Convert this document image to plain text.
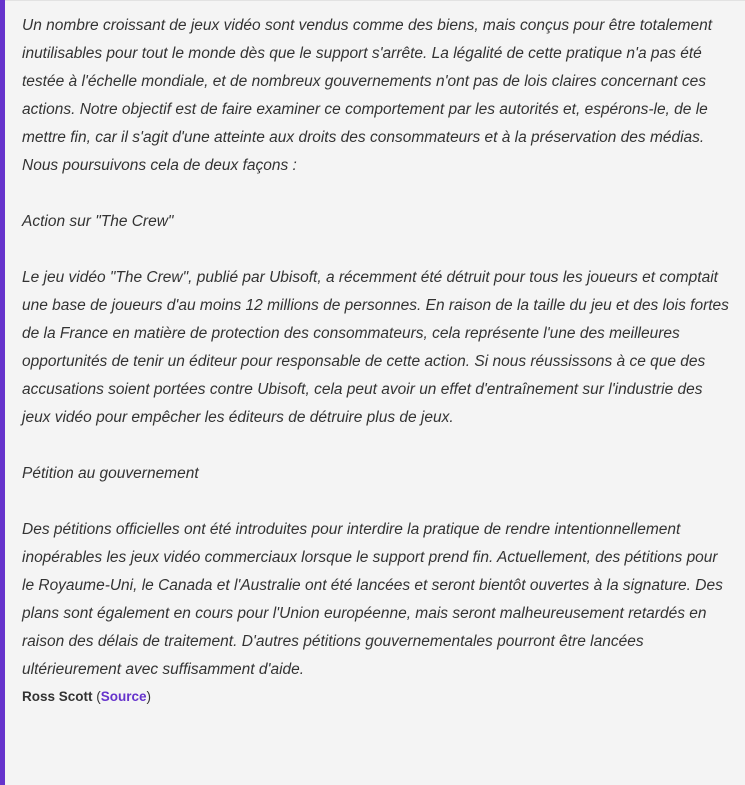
Un nombre croissant de jeux vidéo sont vendus comme des biens, mais conçus pour être totalement inutilisables pour tout le monde dès que le support s'arrête. La légalité de cette pratique n'a pas été testée à l'échelle mondiale, et de nombreux gouvernements n'ont pas de lois claires concernant ces actions. Notre objectif est de faire examiner ce comportement par les autorités et, espérons-le, de le mettre fin, car il s'agit d'une atteinte aux droits des consommateurs et à la préservation des médias. Nous poursuivons cela de deux façons :

Action sur "The Crew"

Le jeu vidéo "The Crew", publié par Ubisoft, a récemment été détruit pour tous les joueurs et comptait une base de joueurs d'au moins 12 millions de personnes. En raison de la taille du jeu et des lois fortes de la France en matière de protection des consommateurs, cela représente l'une des meilleures opportunités de tenir un éditeur pour responsable de cette action. Si nous réussissons à ce que des accusations soient portées contre Ubisoft, cela peut avoir un effet d'entraînement sur l'industrie des jeux vidéo pour empêcher les éditeurs de détruire plus de jeux.

Pétition au gouvernement

Des pétitions officielles ont été introduites pour interdire la pratique de rendre intentionnellement inopérables les jeux vidéo commerciaux lorsque le support prend fin. Actuellement, des pétitions pour le Royaume-Uni, le Canada et l'Australie ont été lancées et seront bientôt ouvertes à la signature. Des plans sont également en cours pour l'Union européenne, mais seront malheureusement retardés en raison des délais de traitement. D'autres pétitions gouvernementales pourront être lancées ultérieurement avec suffisamment d'aide.

Ross Scott (Source)
